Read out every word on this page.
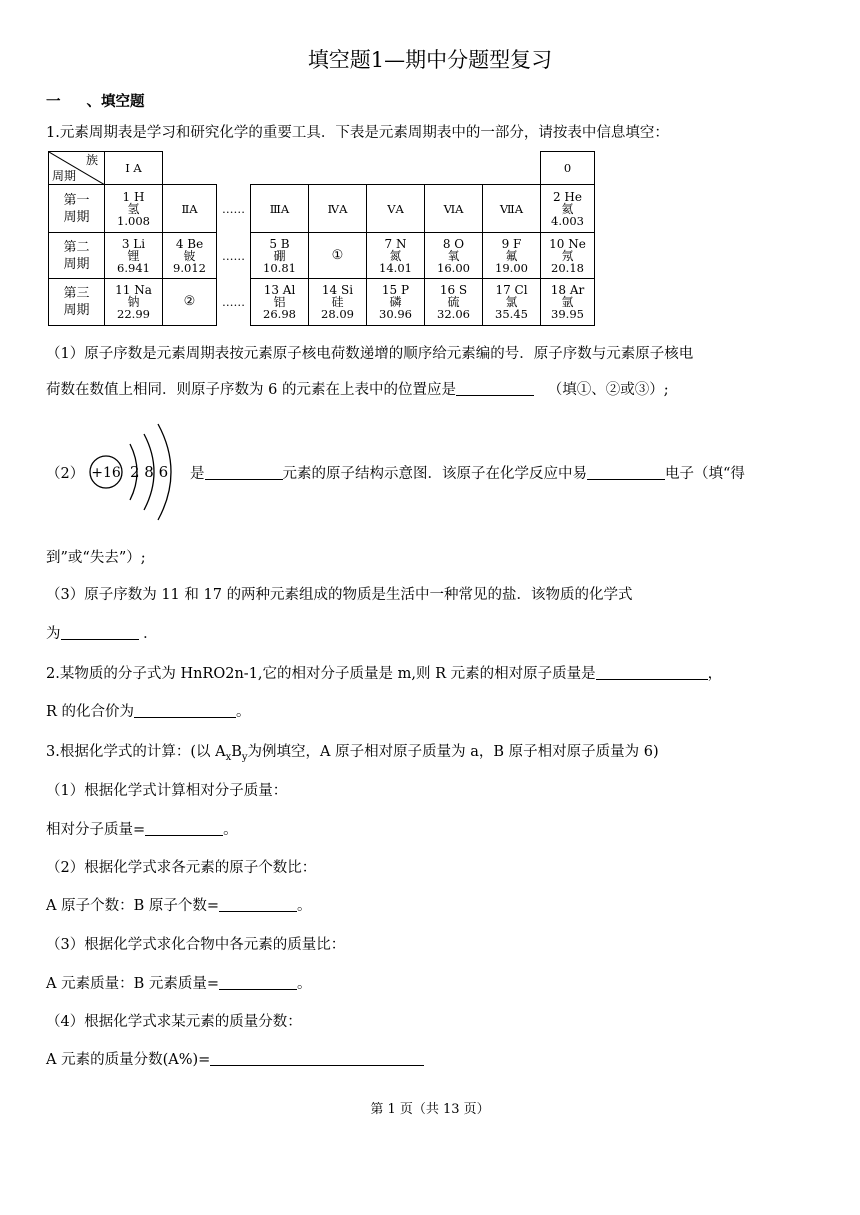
填空题1—期中分题型复习
一 、填空题
1.元素周期表是学习和研究化学的重要工具．下表是元素周期表中的一部分，请按表中信息填空：
族
周期	I A								0

第一
周期	1 H
氢
1.008	ⅡA	……	ⅢA	ⅣA	ⅤA	ⅥA	ⅦA	2 He
氦
4.003

第二
周期	3 Li
锂
6.941	4 Be
铍
9.012	……	5 B
硼
10.81	①	7 N
氮
14.01	8 O
氧
16.00	9 F
氟
19.00	10 Ne
氖
20.18

第三
周期	11 Na
钠
22.99	②	……	13 Al
铝
26.98	14 Si
硅
28.09	15 P
磷
30.96	16 S
硫
32.06	17 Cl
氯
35.45	18 Ar
氩
39.95
（1）原子序数是元素周期表按元素原子核电荷数递增的顺序给元素编的号．原子序数与元素原子核电
荷数在数值上相同．则原子序数为 6 的元素在上表中的位置应是	（填①、②或③）;
（2） +16 2 8 6 是	元素的原子结构示意图．该原子在化学反应中易	电子（填“得
到”或“失去”）;
（3）原子序数为 11 和 17 的两种元素组成的物质是生活中一种常见的盐．该物质的化学式
为	．
2.某物质的分子式为 HnRO2n-1,它的相对分子质量是 m,则 R 元素的相对原子质量是	，
R 的化合价为	。
3.根据化学式的计算：(以 $A_xB_y$为例填空，A 原子相对原子质量为 a，B 原子相对原子质量为 6)
（1）根据化学式计算相对分子质量：
相对分子质量=	。
（2）根据化学式求各元素的原子个数比：
A 原子个数：B 原子个数=	。
（3）根据化学式求化合物中各元素的质量比：
A 元素质量：B 元素质量=	。
（4）根据化学式求某元素的质量分数：
A 元素的质量分数(A%)=
第 1 页（共 13 页）
